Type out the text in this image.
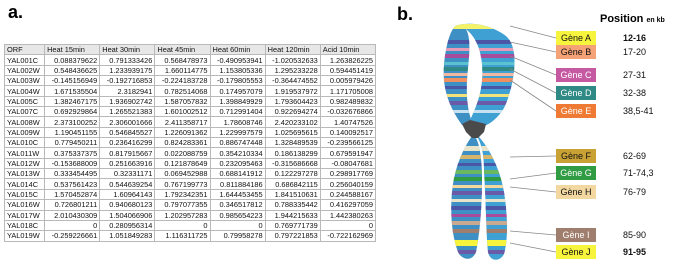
a.	b.
ORF	Heat 15min	Heat 30min	Heat 45min	Heat 60min	Heat 120min	Acid 10min
YAL001C	0.088379622	0.791333426	0.568478973	-0.490953941	-1.020532633	1.263826225
YAL002W	0.548436625	1.233939175	1.660114775	1.153805336	1.295233228	0.594451419
YAL003W	-0.145156949	-0.192716853	-0.224183728	-0.179805553	-0.364474552	0.005979426
YAL004W	1.671535504	2.3182941	0.782514068	0.174957079	1.919537972	1.171705008
YAL005C	1.382467175	1.936902742	1.587057832	1.398849929	1.793604423	0.982489832
YAL007C	0.692929864	1.265521383	1.601002512	0.712991404	0.922694274	-0.032676866
YAL008W	2.373100252	2.306001666	2.411358717	1.78608746	2.420233102	1.40747526
YAL009W	1.190451155	0.546845527	1.226091362	1.229997579	1.025695615	0.140092517
YAL010C	0.779450211	0.236416299	0.824283361	0.886747448	1.328489539	-0.239566125
YAL011W	0.375337375	0.817915667	0.022088759	0.354210334	0.186138299	0.679591947
YAL012W	-0.153688009	0.251663916	0.121878649	0.232095463	-0.315686668	-0.08047681
YAL013W	0.333454495	0.32331171	0.069452988	0.688141912	0.122297278	0.298917769
YAL014C	0.537561423	0.544639254	0.767199773	0.811884186	0.686842115	0.256040159
YAL015C	1.570452874	1.60964143	1.792342351	1.644453455	1.841510631	0.244588167
YAL016W	0.726801211	0.940680123	0.797077355	0.346517812	0.788335442	0.416297059
YAL017W	2.010430309	1.504066906	1.202957283	0.985654223	1.944215633	1.442380263
YAL018C	0	0.280956314	0	0	0.769771739	0
YAL019W	-0.259226661	1.051849283	1.116311725	0.79958278	0.797221853	-0.722162969
Position en kb
Gène A	12-16
Gène B	17-20
Gène C	27-31
Gène D	32-38
Gène E	38,5-41
Gène F	62-69
Gène G	71-74,3
Gène H	76-79
Gène I	85-90
Gène J	91-95
